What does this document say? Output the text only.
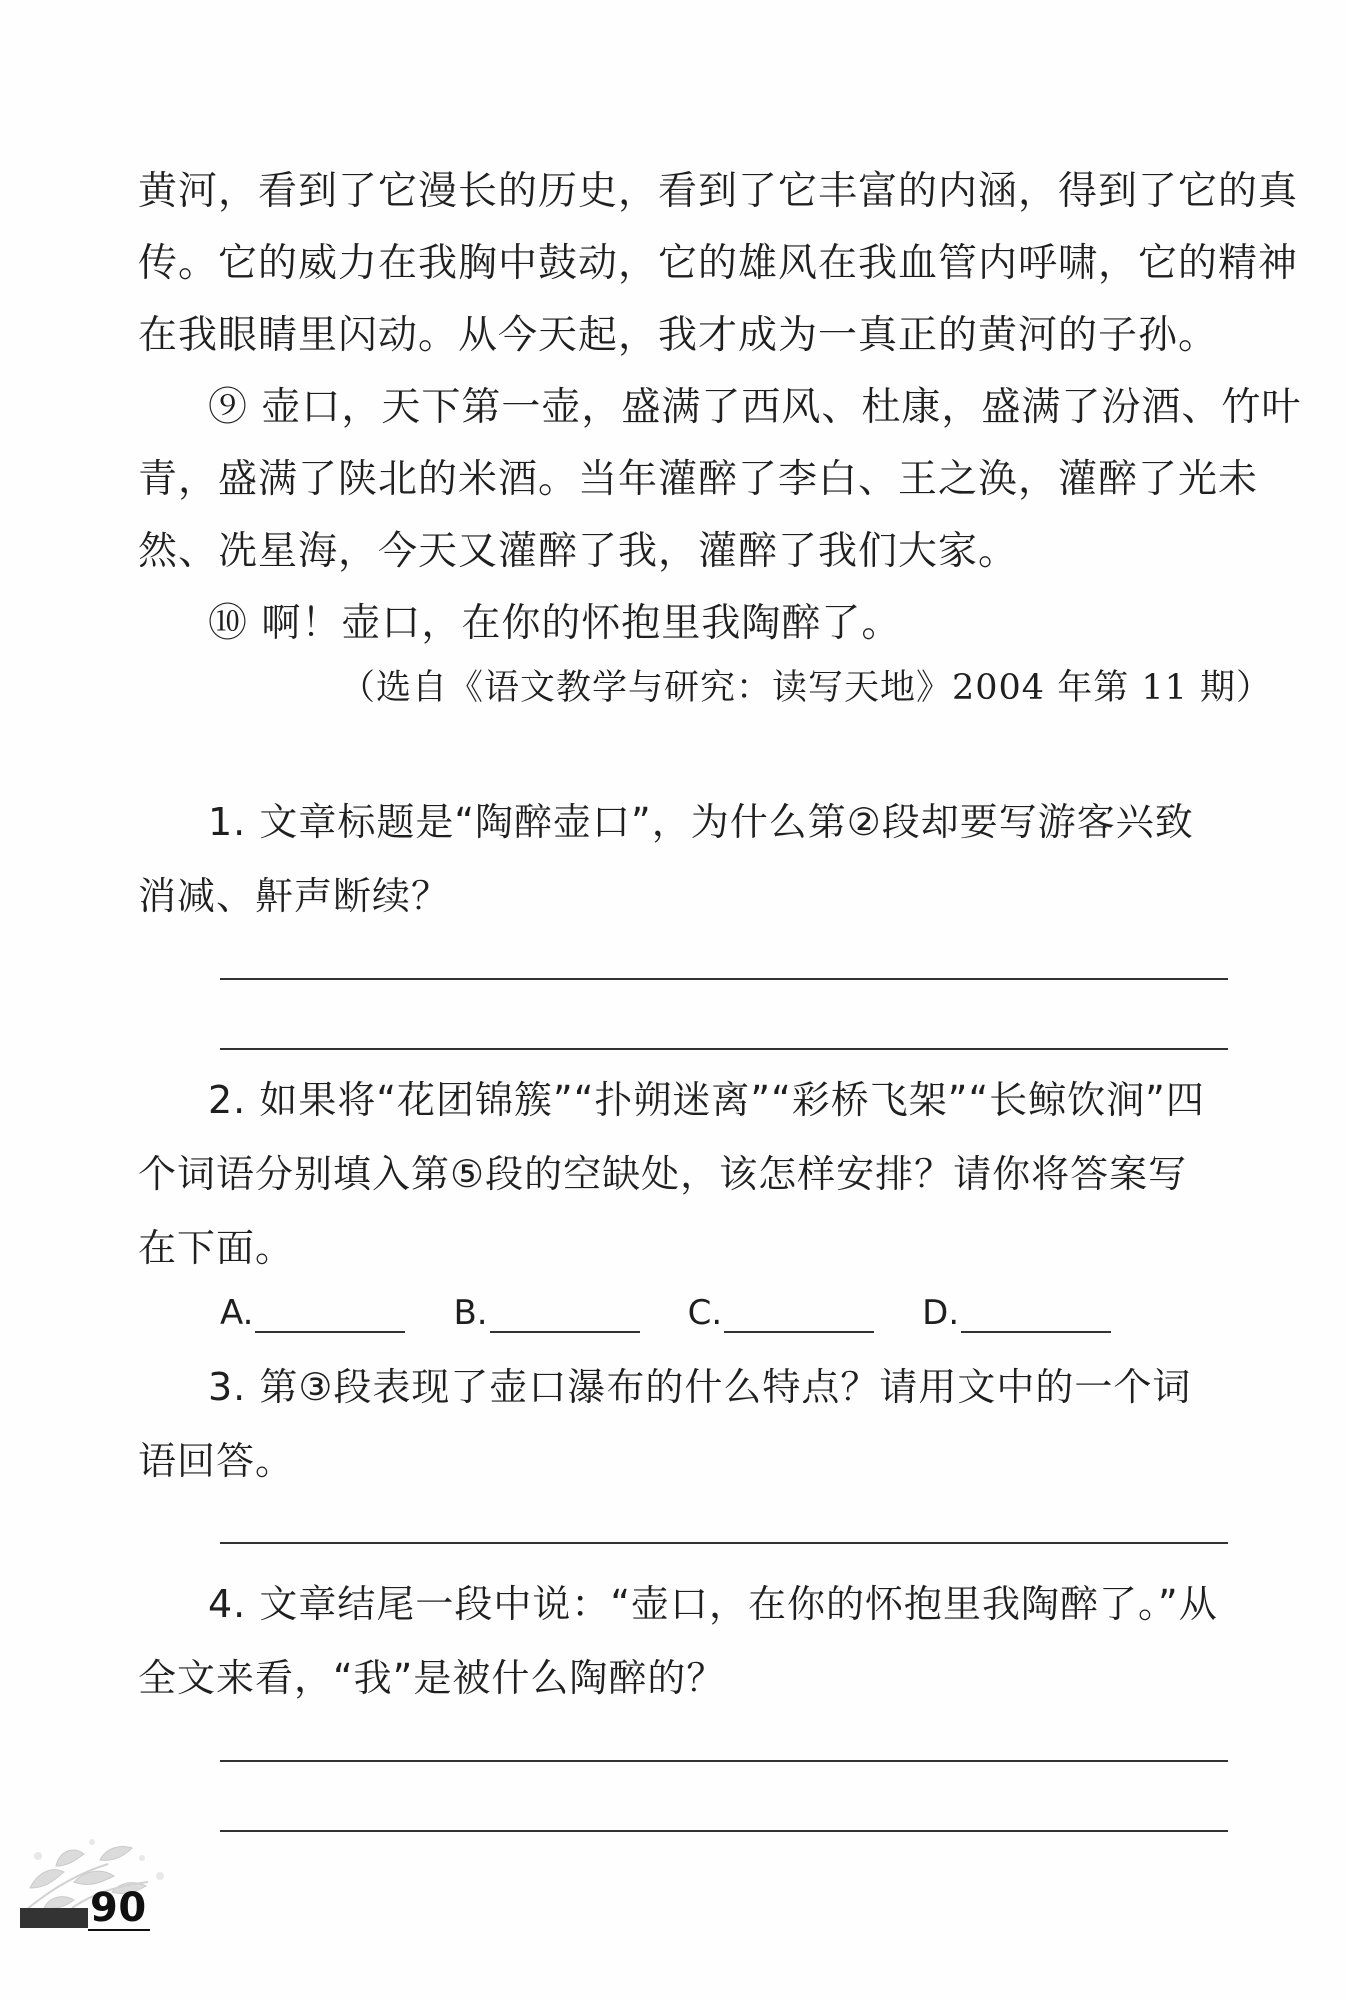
黄河，看到了它漫长的历史，看到了它丰富的内涵，得到了它的真
传。它的威力在我胸中鼓动，它的雄风在我血管内呼啸，它的精神
在我眼睛里闪动。从今天起，我才成为一真正的黄河的子孙。
⑨ 壶口，天下第一壶，盛满了西风、杜康，盛满了汾酒、竹叶
青，盛满了陕北的米酒。当年灌醉了李白、王之涣，灌醉了光未
然、冼星海，今天又灌醉了我，灌醉了我们大家。
⑩ 啊！壶口，在你的怀抱里我陶醉了。
（选自《语文教学与研究：读写天地》2004 年第 11 期）
1. 文章标题是“陶醉壶口”，为什么第②段却要写游客兴致
消减、鼾声断续？
2. 如果将“花团锦簇”“扑朔迷离”“彩桥飞架”“长鲸饮涧”四
个词语分别填入第⑤段的空缺处，该怎样安排？请你将答案写
在下面。
A.	B.	C.	D.
3. 第③段表现了壶口瀑布的什么特点？请用文中的一个词
语回答。
4. 文章结尾一段中说：“壶口，在你的怀抱里我陶醉了。”从
全文来看，“我”是被什么陶醉的？
90
